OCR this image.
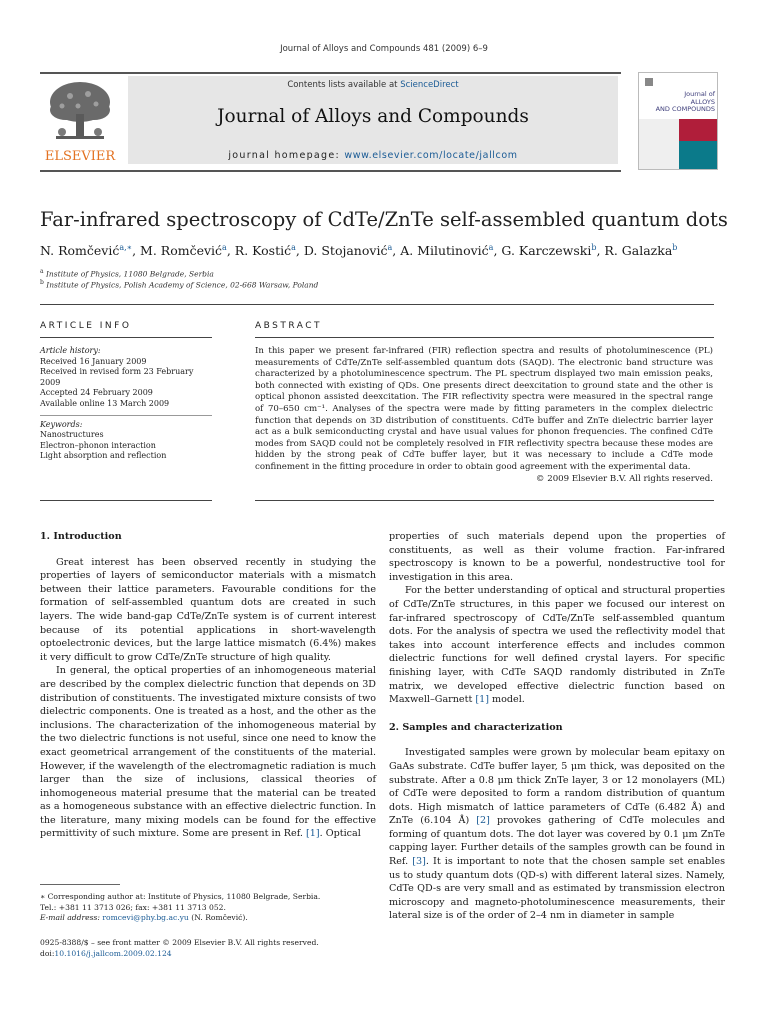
Journal of Alloys and Compounds 481 (2009) 6–9
ELSEVIER
Contents lists available at ScienceDirect
Journal of Alloys and Compounds
journal homepage: www.elsevier.com/locate/jallcom
Journal of
ALLOYS
AND COMPOUNDS
Far-infrared spectroscopy of CdTe/ZnTe self-assembled quantum dots
N. Romčević$^{a,∗}$, M. Romčević$^a$, R. Kostić$^a$, D. Stojanović$^a$, A. Milutinović$^a$, G. Karczewski$^b$, R. Galazka$^b$
$^a$ Institute of Physics, 11080 Belgrade, Serbia
$^b$ Institute of Physics, Polish Academy of Science, 02-668 Warsaw, Poland
ARTICLE INFO
Article history:
Received 16 January 2009
Received in revised form 23 February 2009
Accepted 24 February 2009
Available online 13 March 2009
Keywords:
Nanostructures
Electron–phonon interaction
Light absorption and reflection
ABSTRACT
In this paper we present far-infrared (FIR) reflection spectra and results of photoluminescence (PL) measurements of CdTe/ZnTe self-assembled quantum dots (SAQD). The electronic band structure was characterized by a photoluminescence spectrum. The PL spectrum displayed two main emission peaks, both connected with existing of QDs. One presents direct deexcitation to ground state and the other is optical phonon assisted deexcitation. The FIR reflectivity spectra were measured in the spectral range of 70–650 cm⁻¹. Analyses of the spectra were made by fitting parameters in the complex dielectric function that depends on 3D distribution of constituents. CdTe buffer and ZnTe dielectric barrier layer act as a bulk semiconducting crystal and have usual values for phonon frequencies. The confined CdTe modes from SAQD could not be completely resolved in FIR reflectivity spectra because these modes are hidden by the strong peak of CdTe buffer layer, but it was necessary to include a CdTe mode confinement in the fitting procedure in order to obtain good agreement with the experimental data.
© 2009 Elsevier B.V. All rights reserved.
1. Introduction

Great interest has been observed recently in studying the properties of layers of semiconductor materials with a mismatch between their lattice parameters. Favourable conditions for the formation of self-assembled quantum dots are created in such layers. The wide band-gap CdTe/ZnTe system is of current interest because of its potential applications in short-wavelength optoelectronic devices, but the large lattice mismatch (6.4%) makes it very difficult to grow CdTe/ZnTe structure of high quality.

In general, the optical properties of an inhomogeneous material are described by the complex dielectric function that depends on 3D distribution of constituents. The investigated mixture consists of two dielectric components. One is treated as a host, and the other as the inclusions. The characterization of the inhomogeneous material by the two dielectric functions is not useful, since one need to know the exact geometrical arrangement of the constituents of the material. However, if the wavelength of the electromagnetic radiation is much larger than the size of inclusions, classical theories of inhomogeneous material presume that the material can be treated as a homogeneous substance with an effective dielectric function. In the literature, many mixing models can be found for the effective permittivity of such mixture. Some are present in Ref. [1]. Optical

properties of such materials depend upon the properties of constituents, as well as their volume fraction. Far-infrared spectroscopy is known to be a powerful, nondestructive tool for investigation in this area.

For the better understanding of optical and structural properties of CdTe/ZnTe structures, in this paper we focused our interest on far-infrared spectroscopy of CdTe/ZnTe self-assembled quantum dots. For the analysis of spectra we used the reflectivity model that takes into account interference effects and includes common dielectric functions for well defined crystal layers. For specific finishing layer, with CdTe SAQD randomly distributed in ZnTe matrix, we developed effective dielectric function based on Maxwell–Garnett [1] model.

2. Samples and characterization

Investigated samples were grown by molecular beam epitaxy on GaAs substrate. CdTe buffer layer, 5 μm thick, was deposited on the substrate. After a 0.8 μm thick ZnTe layer, 3 or 12 monolayers (ML) of CdTe were deposited to form a random distribution of quantum dots. High mismatch of lattice parameters of CdTe (6.482 Å) and ZnTe (6.104 Å) [2] provokes gathering of CdTe molecules and forming of quantum dots. The dot layer was covered by 0.1 μm ZnTe capping layer. Further details of the samples growth can be found in Ref. [3]. It is important to note that the chosen sample set enables us to study quantum dots (QD-s) with different lateral sizes. Namely, CdTe QD-s are very small and as estimated by transmission electron microscopy and magneto-photoluminescence measurements, their lateral size is of the order of 2–4 nm in diameter in sample

∗ Corresponding author at: Institute of Physics, 11080 Belgrade, Serbia.
Tel.: +381 11 3713 026; fax: +381 11 3713 052.
E-mail address: romcevi@phy.bg.ac.yu (N. Romčević).
0925-8388/$ – see front matter © 2009 Elsevier B.V. All rights reserved.
doi:10.1016/j.jallcom.2009.02.124
